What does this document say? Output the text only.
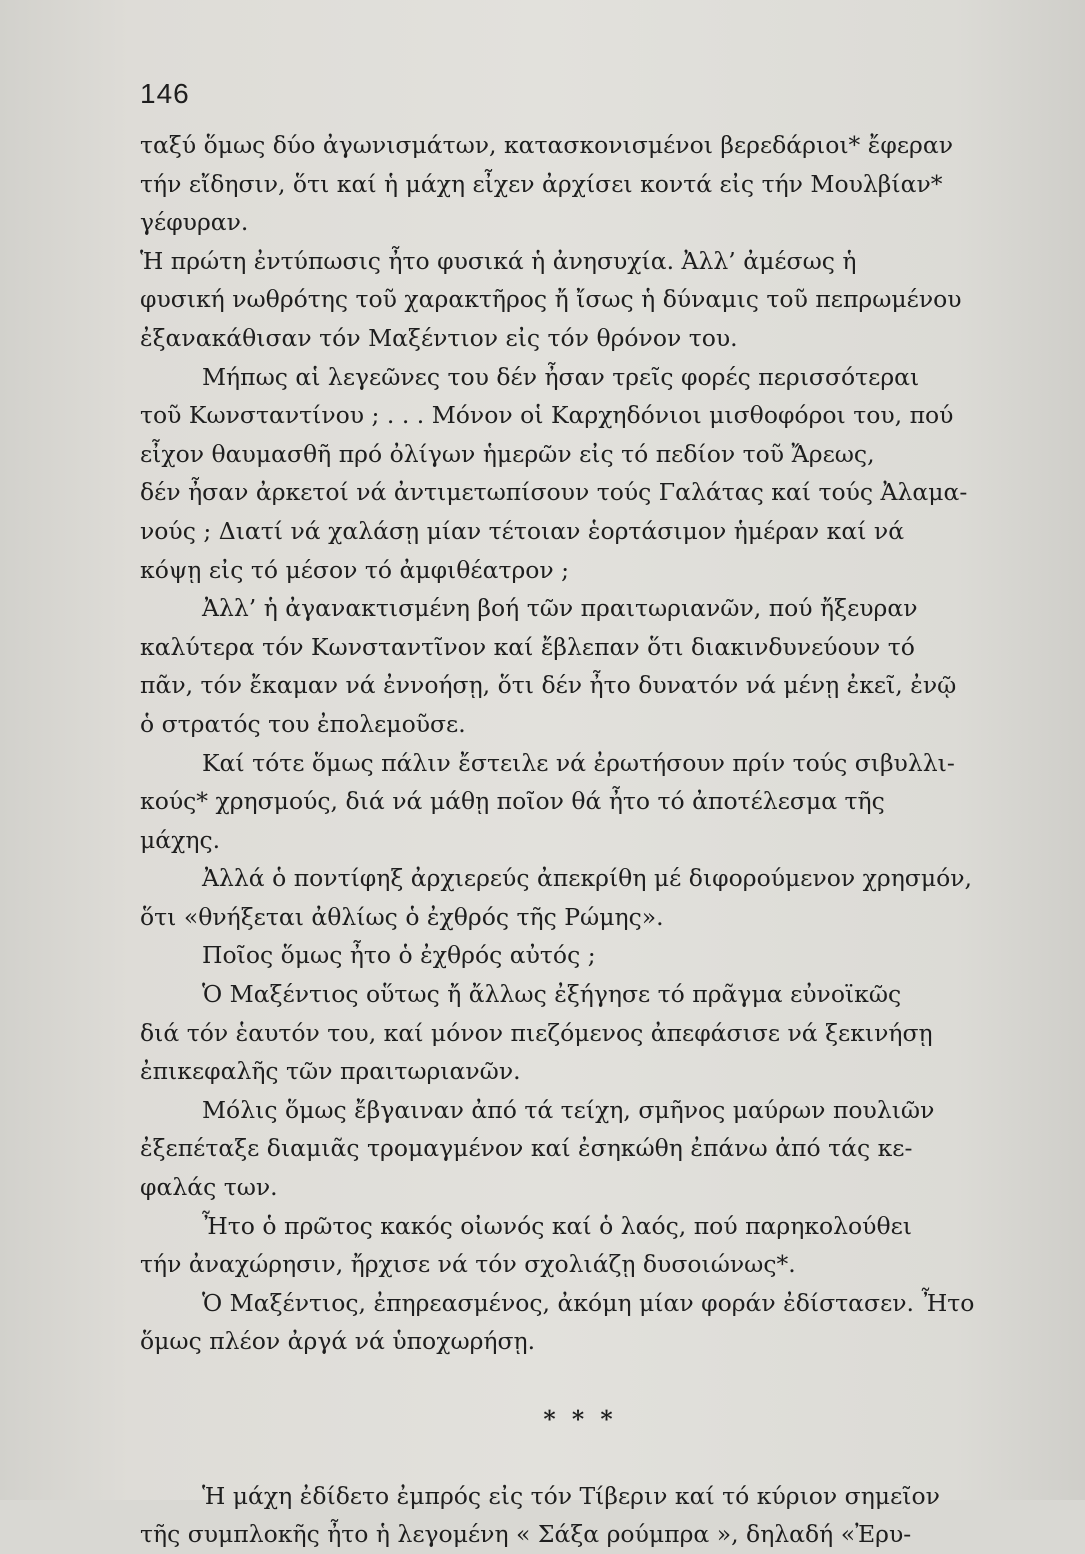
146
ταξύ ὅμως δύο ἀγωνισμάτων, κατασκονισμένοι βερεδάριοι* ἔφεραν
τήν εἴδησιν, ὅτι καί ἡ μάχη εἶχεν ἀρχίσει κοντά εἰς τήν Μουλβίαν*
γέφυραν.
Ἡ πρώτη ἐντύπωσις ἦτο φυσικά ἡ ἀνησυχία. Ἀλλ’ ἀμέσως ἡ
φυσική νωθρότης τοῦ χαρακτῆρος ἤ ἴσως ἡ δύναμις τοῦ πεπρωμένου
ἐξανακάθισαν τόν Μαξέντιον εἰς τόν θρόνον του.
Μήπως αἱ λεγεῶνες του δέν ἦσαν τρεῖς φορές περισσότεραι
τοῦ Κωνσταντίνου ; . . . Μόνον οἱ Καρχηδόνιοι μισθοφόροι του, πού
εἶχον θαυμασθῆ πρό ὀλίγων ἡμερῶν εἰς τό πεδίον τοῦ Ἄρεως,
δέν ἦσαν ἀρκετοί νά ἀντιμετωπίσουν τούς Γαλάτας καί τούς Ἀλαμα-
νούς ; Διατί νά χαλάσῃ μίαν τέτοιαν ἑορτάσιμον ἡμέραν καί νά
κόψῃ εἰς τό μέσον τό ἀμφιθέατρον ;
Ἀλλ’ ἡ ἀγανακτισμένη βοή τῶν πραιτωριανῶν, πού ἤξευραν
καλύτερα τόν Κωνσταντῖνον καί ἔβλεπαν ὅτι διακινδυνεύουν τό
πᾶν, τόν ἔκαμαν νά ἐννοήσῃ, ὅτι δέν ἦτο δυνατόν νά μένῃ ἐκεῖ, ἐνῷ
ὁ στρατός του ἐπολεμοῦσε.
Καί τότε ὅμως πάλιν ἔστειλε νά ἐρωτήσουν πρίν τούς σιβυλλι-
κούς* χρησμούς, διά νά μάθῃ ποῖον θά ἦτο τό ἀποτέλεσμα τῆς
μάχης.
Ἀλλά ὁ ποντίφηξ ἀρχιερεύς ἀπεκρίθη μέ διφορούμενον χρησμόν,
ὅτι «θνήξεται ἀθλίως ὁ ἐχθρός τῆς Ρώμης».
Ποῖος ὅμως ἦτο ὁ ἐχθρός αὐτός ;
Ὁ Μαξέντιος οὕτως ἤ ἄλλως ἐξήγησε τό πρᾶγμα εὐνοϊκῶς
διά τόν ἑαυτόν του, καί μόνον πιεζόμενος ἀπεφάσισε νά ξεκινήσῃ
ἐπικεφαλῆς τῶν πραιτωριανῶν.
Μόλις ὅμως ἔβγαιναν ἀπό τά τείχη, σμῆνος μαύρων πουλιῶν
ἐξεπέταξε διαμιᾶς τρομαγμένον καί ἐσηκώθη ἐπάνω ἀπό τάς κε-
φαλάς των.
Ἦτο ὁ πρῶτος κακός οἰωνός καί ὁ λαός, πού παρηκολούθει
τήν ἀναχώρησιν, ἤρχισε νά τόν σχολιάζῃ δυσοιώνως*.
Ὁ Μαξέντιος, ἐπηρεασμένος, ἀκόμη μίαν φοράν ἐδίστασεν. Ἦτο
ὅμως πλέον ἀργά νά ὑποχωρήσῃ.
* * *
Ἡ μάχη ἐδίδετο ἐμπρός εἰς τόν Τίβεριν καί τό κύριον σημεῖον
τῆς συμπλοκῆς ἦτο ἡ λεγομένη « Σάξα ρούμπρα », δηλαδή «Ἐρυ-
